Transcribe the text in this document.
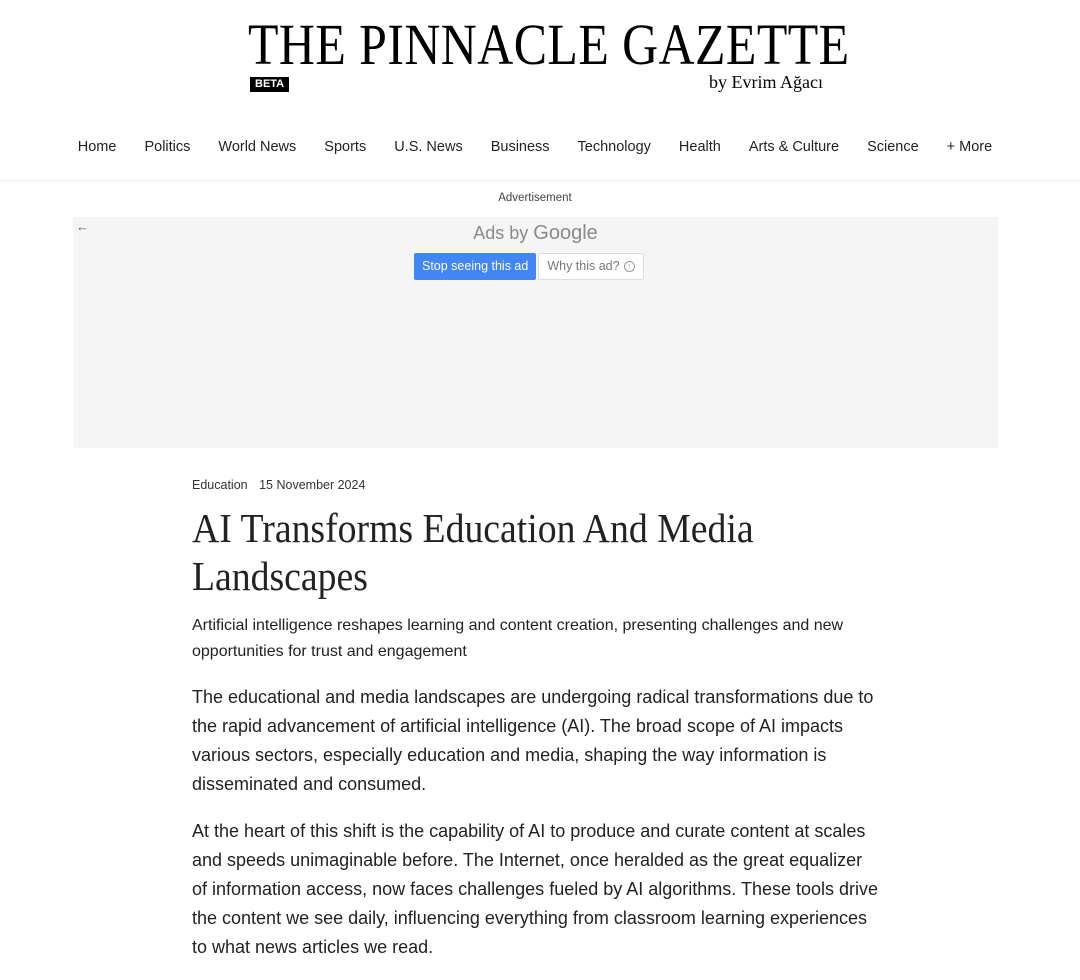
THE PINNACLE GAZETTE
BETA	by Evrim Ağacı
Home	Politics	World News	Sports	U.S. News	Business	Technology	Health	Arts & Culture	Science	+ More
Advertisement
←	Ads by Google
Stop seeing this ad	Why this ad?	i
Education 15 November 2024
AI Transforms Education And Media Landscapes

Artificial intelligence reshapes learning and content creation, presenting challenges and new opportunities for trust and engagement

The educational and media landscapes are undergoing radical transformations due to the rapid advancement of artificial intelligence (AI). The broad scope of AI impacts various sectors, especially education and media, shaping the way information is disseminated and consumed.

At the heart of this shift is the capability of AI to produce and curate content at scales and speeds unimaginable before. The Internet, once heralded as the great equalizer of information access, now faces challenges fueled by AI algorithms. These tools drive the content we see daily, influencing everything from classroom learning experiences to what news articles we read.
